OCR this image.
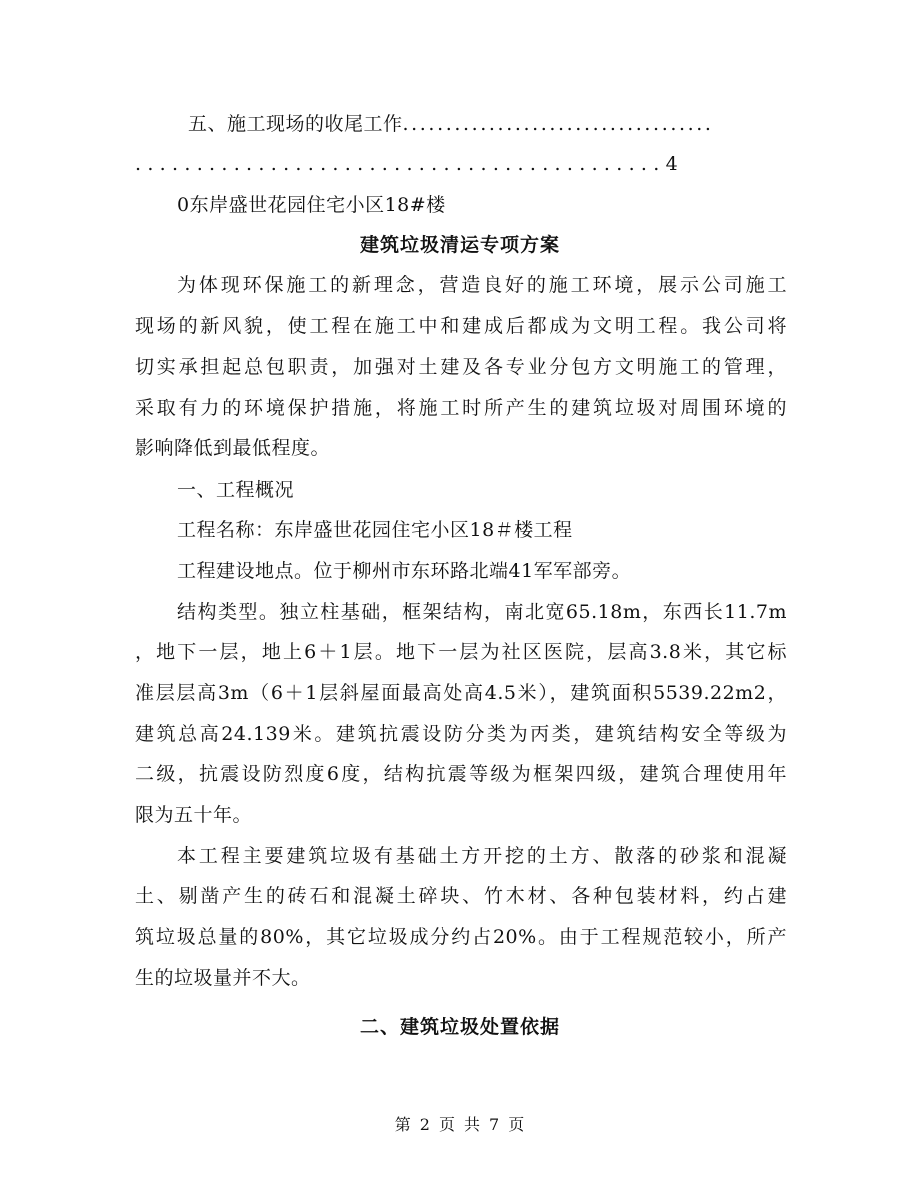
五、施工现场的收尾工作....................................
...........................................4
0东岸盛世花园住宅小区18#楼
建筑垃圾清运专项方案
为体现环保施工的新理念，营造良好的施工环境，展示公司施工
现场的新风貌，使工程在施工中和建成后都成为文明工程。我公司将
切实承担起总包职责，加强对土建及各专业分包方文明施工的管理，
采取有力的环境保护措施，将施工时所产生的建筑垃圾对周围环境的
影响降低到最低程度。
一、工程概况
工程名称：东岸盛世花园住宅小区18＃楼工程
工程建设地点。位于柳州市东环路北端41军军部旁。
结构类型。独立柱基础，框架结构，南北宽65.18m，东西长11.7m
，地下一层，地上6＋1层。地下一层为社区医院，层高3.8米，其它标
准层层高3m（6＋1层斜屋面最高处高4.5米），建筑面积5539.22m2，
建筑总高24.139米。建筑抗震设防分类为丙类，建筑结构安全等级为
二级，抗震设防烈度6度，结构抗震等级为框架四级，建筑合理使用年
限为五十年。
本工程主要建筑垃圾有基础土方开挖的土方、散落的砂浆和混凝
土、剔凿产生的砖石和混凝土碎块、竹木材、各种包装材料，约占建
筑垃圾总量的80%，其它垃圾成分约占20%。由于工程规范较小，所产
生的垃圾量并不大。
二、建筑垃圾处置依据
第 2 页 共 7 页
